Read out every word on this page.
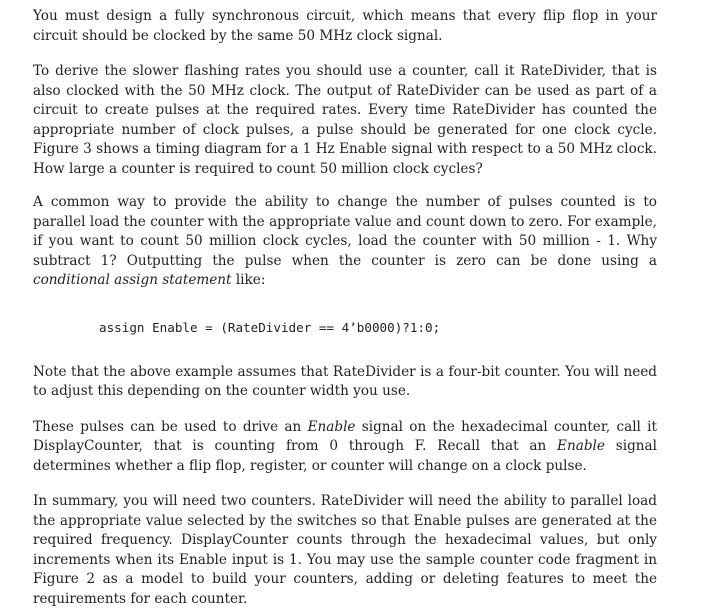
You must design a fully synchronous circuit, which means that every flip flop in your circuit should be clocked by the same 50 MHz clock signal.

To derive the slower flashing rates you should use a counter, call it RateDivider, that is also clocked with the 50 MHz clock. The output of RateDivider can be used as part of a circuit to create pulses at the required rates. Every time RateDivider has counted the appropriate number of clock pulses, a pulse should be generated for one clock cycle. Figure 3 shows a timing diagram for a 1 Hz Enable signal with respect to a 50 MHz clock. How large a counter is required to count 50 million clock cycles?

A common way to provide the ability to change the number of pulses counted is to parallel load the counter with the appropriate value and count down to zero. For example, if you want to count 50 million clock cycles, load the counter with 50 million - 1. Why subtract 1? Outputting the pulse when the counter is zero can be done using a conditional assign statement like:

assign Enable = (RateDivider == 4’b0000)?1:0;

Note that the above example assumes that RateDivider is a four-bit counter. You will need to adjust this depending on the counter width you use.

These pulses can be used to drive an Enable signal on the hexadecimal counter, call it DisplayCounter, that is counting from 0 through F. Recall that an Enable signal determines whether a flip flop, register, or counter will change on a clock pulse.

In summary, you will need two counters. RateDivider will need the ability to parallel load the appropriate value selected by the switches so that Enable pulses are generated at the required frequency. DisplayCounter counts through the hexadecimal values, but only increments when its Enable input is 1. You may use the sample counter code fragment in Figure 2 as a model to build your counters, adding or deleting features to meet the requirements for each counter.
